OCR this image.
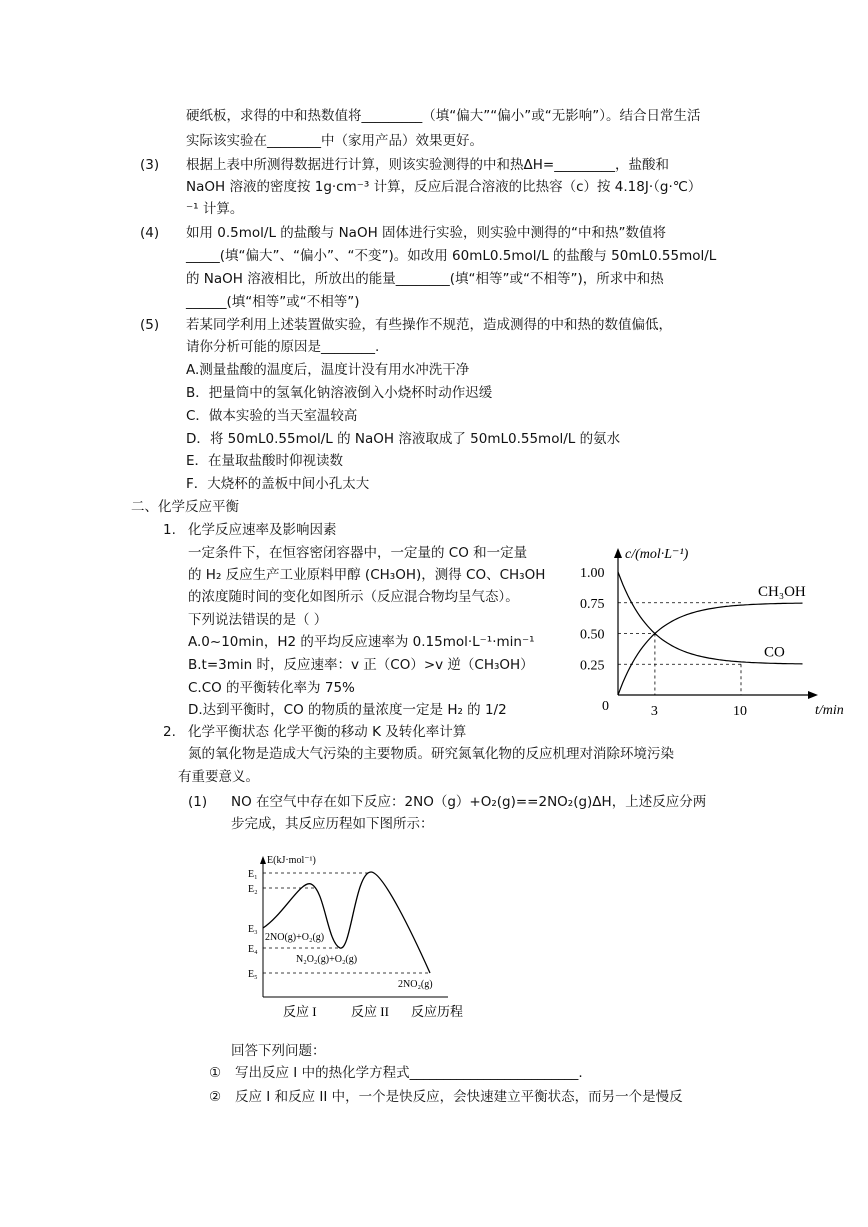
硬纸板，求得的中和热数值将_________（填“偏大”“偏小”或“无影响”）。结合日常生活
实际该实验在________中（家用产品）效果更好。
(3) 根据上表中所测得数据进行计算，则该实验测得的中和热ΔH=_________，盐酸和
NaOH 溶液的密度按 1g·cm⁻³ 计算，反应后混合溶液的比热容（c）按 4.18J·（g·℃）
⁻¹ 计算。
(4) 如用 0.5mol/L 的盐酸与 NaOH 固体进行实验，则实验中测得的“中和热”数值将
_____(填“偏大”、“偏小”、“不变”)。如改用 60mL0.5mol/L 的盐酸与 50mL0.55mol/L
的 NaOH 溶液相比，所放出的能量________(填“相等”或“不相等”)，所求中和热
______(填“相等”或“不相等”)
(5) 若某同学利用上述装置做实验，有些操作不规范，造成测得的中和热的数值偏低，
请你分析可能的原因是________.
A.测量盐酸的温度后，温度计没有用水冲洗干净
B．把量筒中的氢氧化钠溶液倒入小烧杯时动作迟缓
C．做本实验的当天室温较高
D．将 50mL0.55mol/L 的 NaOH 溶液取成了 50mL0.55mol/L 的氨水
E．在量取盐酸时仰视读数
F．大烧杯的盖板中间小孔太大
二、化学反应平衡
1. 化学反应速率及影响因素
一定条件下，在恒容密闭容器中，一定量的 CO 和一定量
的 H₂ 反应生产工业原料甲醇 (CH₃OH)，测得 CO、CH₃OH
的浓度随时间的变化如图所示（反应混合物均呈气态）。
下列说法错误的是（ ）
A.0~10min，H2 的平均反应速率为 0.15mol·L⁻¹·min⁻¹
B.t=3min 时，反应速率：v 正（CO）>v 逆（CH₃OH）
C.CO 的平衡转化率为 75%
D.达到平衡时，CO 的物质的量浓度一定是 H₂ 的 1/2
2. 化学平衡状态 化学平衡的移动 K 及转化率计算
氮的氧化物是造成大气污染的主要物质。研究氮氧化物的反应机理对消除环境污染
有重要意义。
(1) NO 在空气中存在如下反应：2NO（g）+O₂(g)==2NO₂(g)ΔH，上述反应分两
步完成，其反应历程如下图所示：
回答下列问题：
① 写出反应 I 中的热化学方程式_________________________.
② 反应 I 和反应 II 中，一个是快反应，会快速建立平衡状态，而另一个是慢反
c/(mol·L⁻¹)
t/min
0
0.25
0.50
0.75
1.00
3	10
CH₃OH
CO
E(kJ·mol⁻¹)
E₁
E₂
E₃
E₄
E₅
2NO(g)+O₂(g)
N₂O₂(g)+O₂(g)
2NO₂(g)
反应 I	反应 II 反应历程
